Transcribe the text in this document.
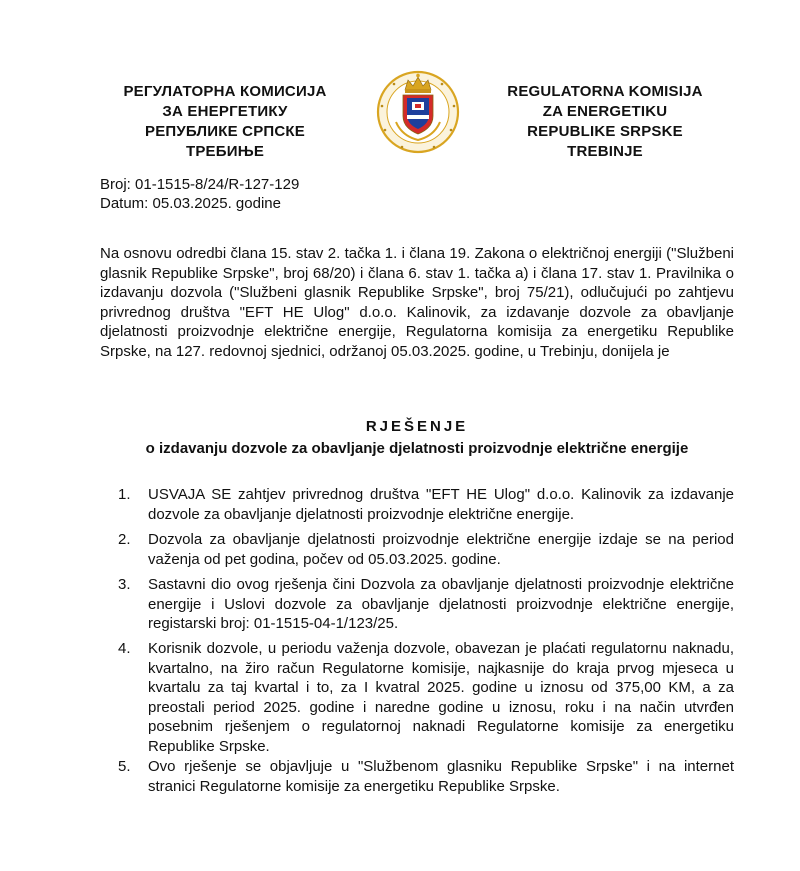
РЕГУЛАТОРНА КОМИСИЈА
ЗА ЕНЕРГЕТИКУ
РЕПУБЛИКЕ СРПСКЕ
ТРЕБИЊЕ
REGULATORNA KOMISIJA
ZA ENERGETIKU
REPUBLIKE SRPSKE
TREBINJE
Broj: 01-1515-8/24/R-127-129
Datum: 05.03.2025. godine
Na osnovu odredbi člana 15. stav 2. tačka 1. i člana 19. Zakona o električnoj energiji ("Službeni glasnik Republike Srpske", broj 68/20) i člana 6. stav 1. tačka a) i člana 17. stav 1. Pravilnika o izdavanju dozvola ("Službeni glasnik Republike Srpske", broj 75/21), odlučujući po zahtjevu privrednog društva "EFT HE Ulog" d.o.o. Kalinovik, za izdavanje dozvole za obavljanje djelatnosti proizvodnje električne energije, Regulatorna komisija za energetiku Republike Srpske, na 127. redovnoj sjednici, održanoj 05.03.2025. godine, u Trebinju, donijela je
RJEŠENJE
o izdavanju dozvole za obavljanje djelatnosti proizvodnje električne energije
1. USVAJA SE zahtjev privrednog društva "EFT HE Ulog" d.o.o. Kalinovik za izdavanje dozvole za obavljanje djelatnosti proizvodnje električne energije.
2. Dozvola za obavljanje djelatnosti proizvodnje električne energije izdaje se na period važenja od pet godina, počev od 05.03.2025. godine.
3. Sastavni dio ovog rješenja čini Dozvola za obavljanje djelatnosti proizvodnje električne energije i Uslovi dozvole za obavljanje djelatnosti proizvodnje električne energije, registarski broj: 01-1515-04-1/123/25.
4. Korisnik dozvole, u periodu važenja dozvole, obavezan je plaćati regulatornu naknadu, kvartalno, na žiro račun Regulatorne komisije, najkasnije do kraja prvog mjeseca u kvartalu za taj kvartal i to, za I kvatral 2025. godine u iznosu od 375,00 KM, a za preostali period 2025. godine i naredne godine u iznosu, roku i na način utvrđen posebnim rješenjem o regulatornoj naknadi Regulatorne komisije za energetiku Republike Srpske.
5. Ovo rješenje se objavljuje u "Službenom glasniku Republike Srpske" i na internet stranici Regulatorne komisije za energetiku Republike Srpske.
